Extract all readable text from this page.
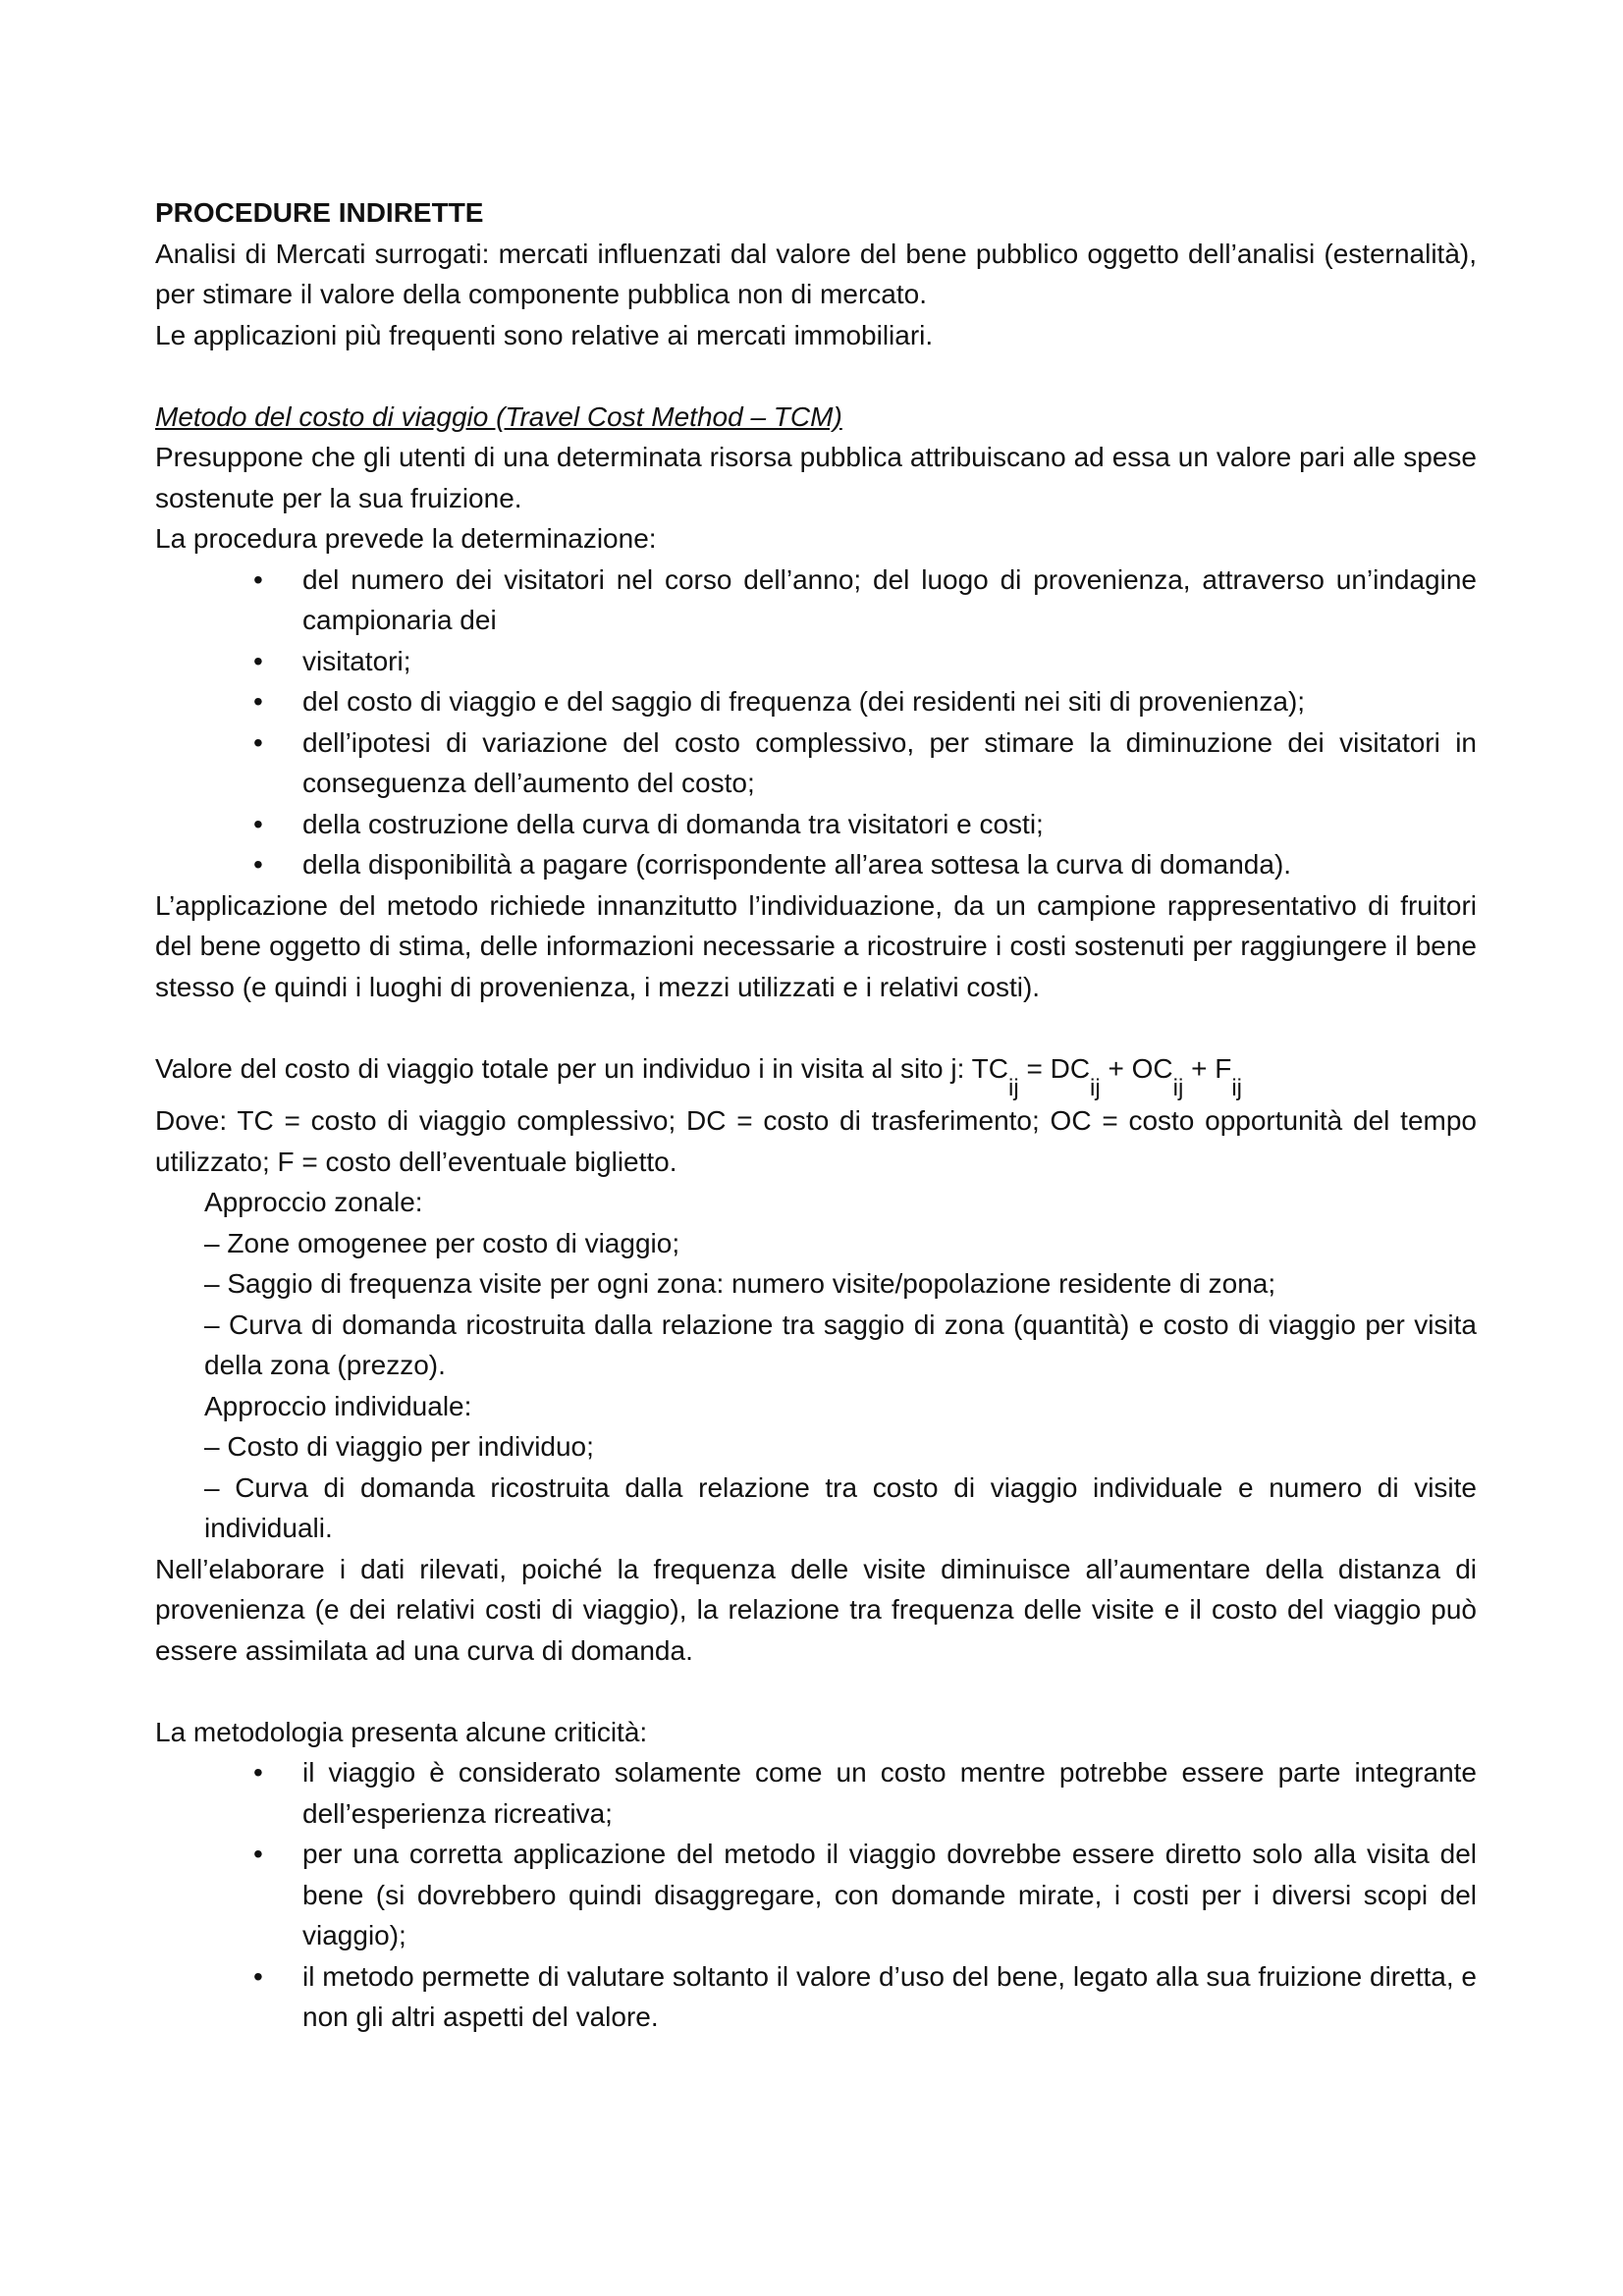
PROCEDURE INDIRETTE

Analisi di Mercati surrogati: mercati influenzati dal valore del bene pubblico oggetto dell’analisi (esternalità), per stimare il valore della componente pubblica non di mercato.

Le applicazioni più frequenti sono relative ai mercati immobiliari.

Metodo del costo di viaggio (Travel Cost Method – TCM)

Presuppone che gli utenti di una determinata risorsa pubblica attribuiscano ad essa un valore pari alle spese sostenute per la sua fruizione.

La procedura prevede la determinazione:

• del numero dei visitatori nel corso dell’anno; del luogo di provenienza, attraverso un’indagine campionaria dei
• visitatori;
• del costo di viaggio e del saggio di frequenza (dei residenti nei siti di provenienza);
• dell’ipotesi di variazione del costo complessivo, per stimare la diminuzione dei visitatori in conseguenza dell’aumento del costo;
• della costruzione della curva di domanda tra visitatori e costi;
• della disponibilità a pagare (corrispondente all’area sottesa la curva di domanda).

L’applicazione del metodo richiede innanzitutto l’individuazione, da un campione rappresentativo di fruitori del bene oggetto di stima, delle informazioni necessarie a ricostruire i costi sostenuti per raggiungere il bene stesso (e quindi i luoghi di provenienza, i mezzi utilizzati e i relativi costi).

Valore del costo di viaggio totale per un individuo i in visita al sito j: TCij = DCij + OCij + Fij

Dove: TC = costo di viaggio complessivo; DC = costo di trasferimento; OC = costo opportunità del tempo utilizzato; F = costo dell’eventuale biglietto.

Approccio zonale:

– Zone omogenee per costo di viaggio;

– Saggio di frequenza visite per ogni zona: numero visite/popolazione residente di zona;

– Curva di domanda ricostruita dalla relazione tra saggio di zona (quantità) e costo di viaggio per visita della zona (prezzo).

Approccio individuale:

– Costo di viaggio per individuo;

– Curva di domanda ricostruita dalla relazione tra costo di viaggio individuale e numero di visite individuali.

Nell’elaborare i dati rilevati, poiché la frequenza delle visite diminuisce all’aumentare della distanza di provenienza (e dei relativi costi di viaggio), la relazione tra frequenza delle visite e il costo del viaggio può essere assimilata ad una curva di domanda.

La metodologia presenta alcune criticità:

• il viaggio è considerato solamente come un costo mentre potrebbe essere parte integrante dell’esperienza ricreativa;
• per una corretta applicazione del metodo il viaggio dovrebbe essere diretto solo alla visita del bene (si dovrebbero quindi disaggregare, con domande mirate, i costi per i diversi scopi del viaggio);
• il metodo permette di valutare soltanto il valore d’uso del bene, legato alla sua fruizione diretta, e non gli altri aspetti del valore.
